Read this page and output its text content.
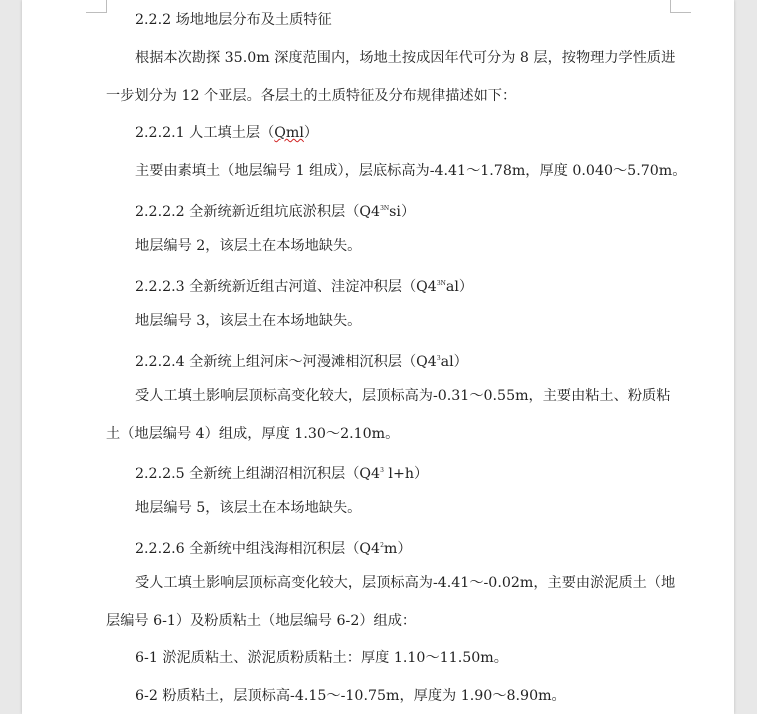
2.2.2 场地地层分布及土质特征
根据本次勘探 35.0m 深度范围内，场地土按成因年代可分为 8 层，按物理力学性质进
一步划分为 12 个亚层。各层土的土质特征及分布规律描述如下：
2.2.2.1 人工填土层（Qml）
主要由素填土（地层编号 1 组成），层底标高为-4.41～1.78m，厚度 0.040～5.70m。
2.2.2.2 全新统新近组坑底淤积层$(Q4^{3N}si)$
地层编号 2，该层土在本场地缺失。
2.2.2.3 全新统新近组古河道、洼淀冲积层$(Q4^{3N}al)$
地层编号 3，该层土在本场地缺失。
2.2.2.4 全新统上组河床～河漫滩相沉积层$(Q4^3al)$
受人工填土影响层顶标高变化较大，层顶标高为-0.31～0.55m，主要由粘土、粉质粘
土（地层编号 4）组成，厚度 1.30～2.10m。
2.2.2.5 全新统上组湖沼相沉积层（$Q4^3$ l+h）
地层编号 5，该层土在本场地缺失。
2.2.2.6 全新统中组浅海相沉积层$(Q4^2m)$
受人工填土影响层顶标高变化较大，层顶标高为-4.41～-0.02m，主要由淤泥质土（地
层编号 6-1）及粉质粘土（地层编号 6-2）组成：
6-1 淤泥质粘土、淤泥质粉质粘土：厚度 1.10～11.50m。
6-2 粉质粘土，层顶标高-4.15～-10.75m，厚度为 1.90～8.90m。
